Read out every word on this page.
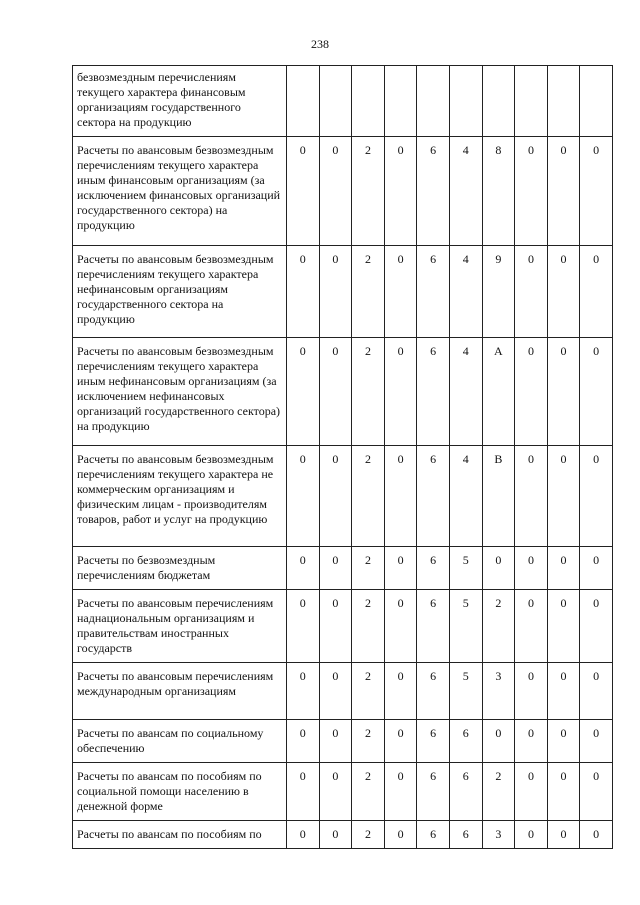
238
безвозмездным перечислениям текущего характера финансовым организациям государственного сектора на продукцию										
Расчеты по авансовым безвозмездным перечислениям текущего характера иным финансовым организациям (за исключением финансовых организаций государственного сектора) на продукцию	0	0	2	0	6	4	8	0	0	0
Расчеты по авансовым безвозмездным перечислениям текущего характера нефинансовым организациям государственного сектора на продукцию	0	0	2	0	6	4	9	0	0	0
Расчеты по авансовым безвозмездным перечислениям текущего характера иным нефинансовым организациям (за исключением нефинансовых организаций государственного сектора) на продукцию	0	0	2	0	6	4	А	0	0	0
Расчеты по авансовым безвозмездным перечислениям текущего характера не коммерческим организациям и физическим лицам - производителям товаров, работ и услуг на продукцию	0	0	2	0	6	4	В	0	0	0
Расчеты по безвозмездным перечислениям бюджетам	0	0	2	0	6	5	0	0	0	0
Расчеты по авансовым перечислениям наднациональным организациям и правительствам иностранных государств	0	0	2	0	6	5	2	0	0	0
Расчеты по авансовым перечислениям международным организациям	0	0	2	0	6	5	3	0	0	0
Расчеты по авансам по социальному обеспечению	0	0	2	0	6	6	0	0	0	0
Расчеты по авансам по пособиям по социальной помощи населению в денежной форме	0	0	2	0	6	6	2	0	0	0
Расчеты по авансам по пособиям по	0	0	2	0	6	6	3	0	0	0
